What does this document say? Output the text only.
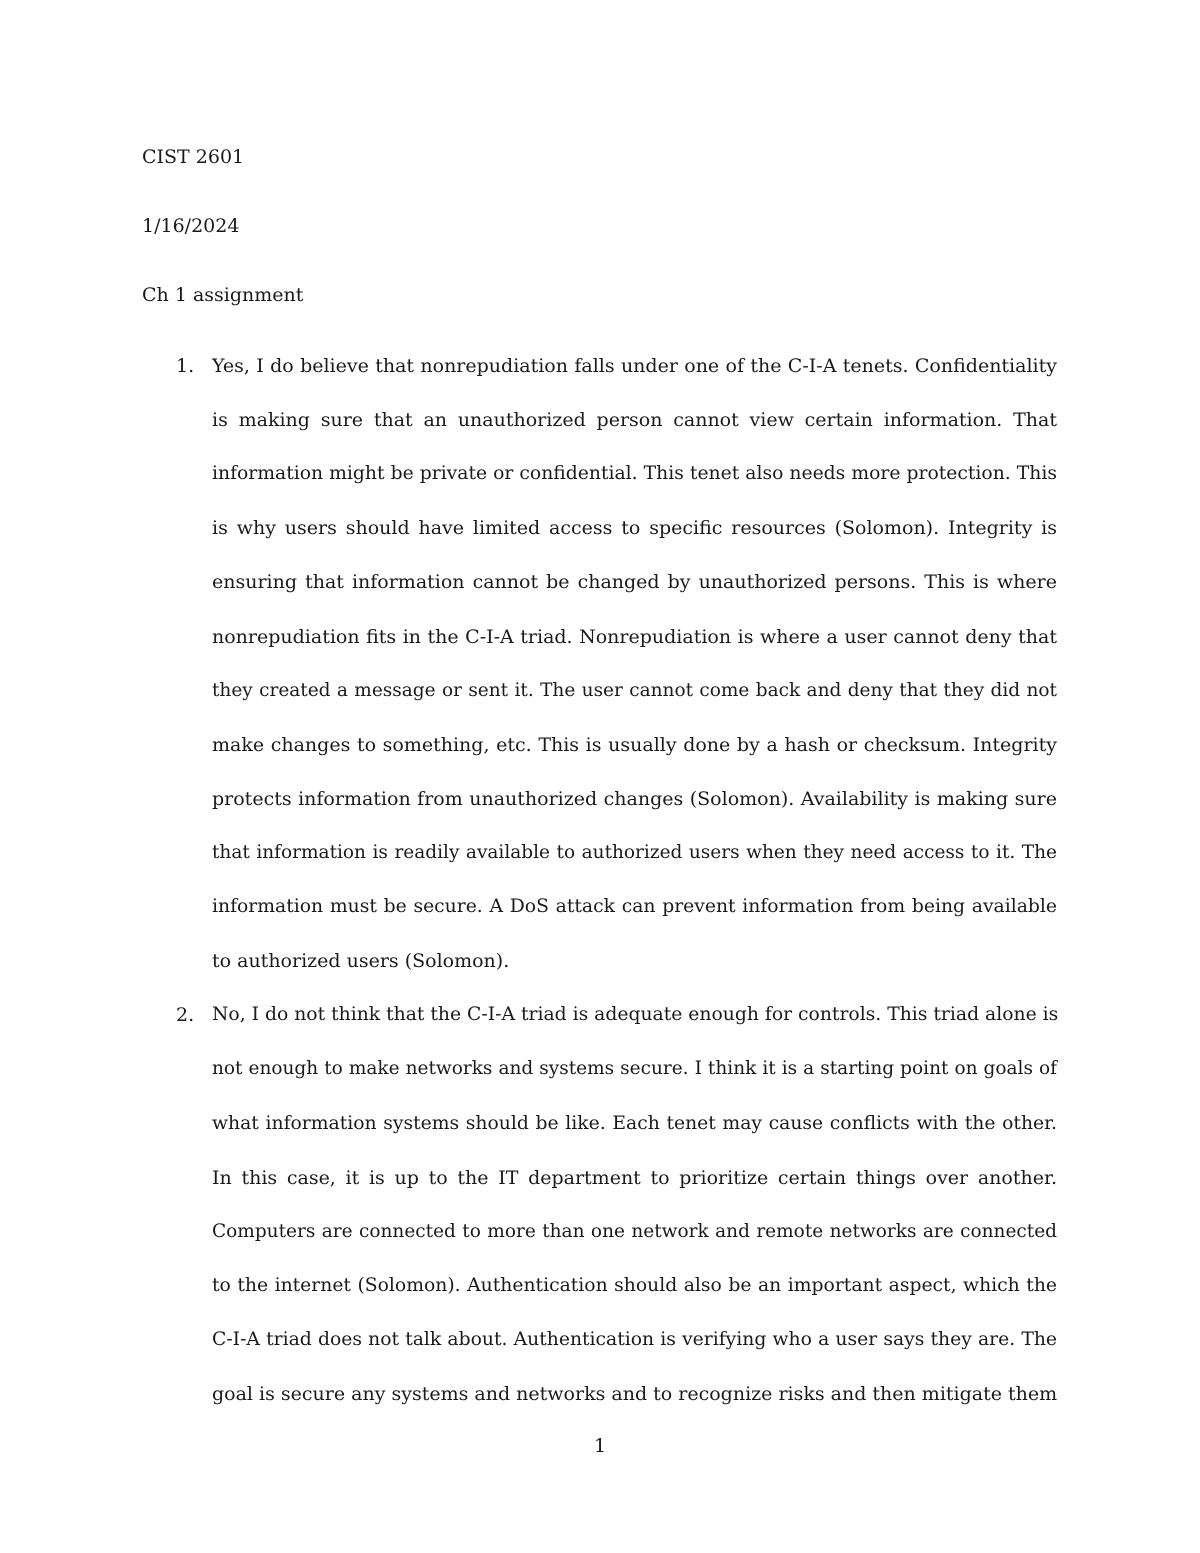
CIST 2601
1/16/2024
Ch 1 assignment
1. Yes, I do believe that nonrepudiation falls under one of the C-I-A tenets. Confidentiality
is making sure that an unauthorized person cannot view certain information. That
information might be private or confidential. This tenet also needs more protection. This
is why users should have limited access to specific resources (Solomon). Integrity is
ensuring that information cannot be changed by unauthorized persons. This is where
nonrepudiation fits in the C-I-A triad. Nonrepudiation is where a user cannot deny that
they created a message or sent it. The user cannot come back and deny that they did not
make changes to something, etc. This is usually done by a hash or checksum. Integrity
protects information from unauthorized changes (Solomon). Availability is making sure
that information is readily available to authorized users when they need access to it. The
information must be secure. A DoS attack can prevent information from being available
to authorized users (Solomon).
2. No, I do not think that the C-I-A triad is adequate enough for controls. This triad alone is
not enough to make networks and systems secure. I think it is a starting point on goals of
what information systems should be like. Each tenet may cause conflicts with the other.
In this case, it is up to the IT department to prioritize certain things over another.
Computers are connected to more than one network and remote networks are connected
to the internet (Solomon). Authentication should also be an important aspect, which the
C-I-A triad does not talk about. Authentication is verifying who a user says they are. The
goal is secure any systems and networks and to recognize risks and then mitigate them
1
